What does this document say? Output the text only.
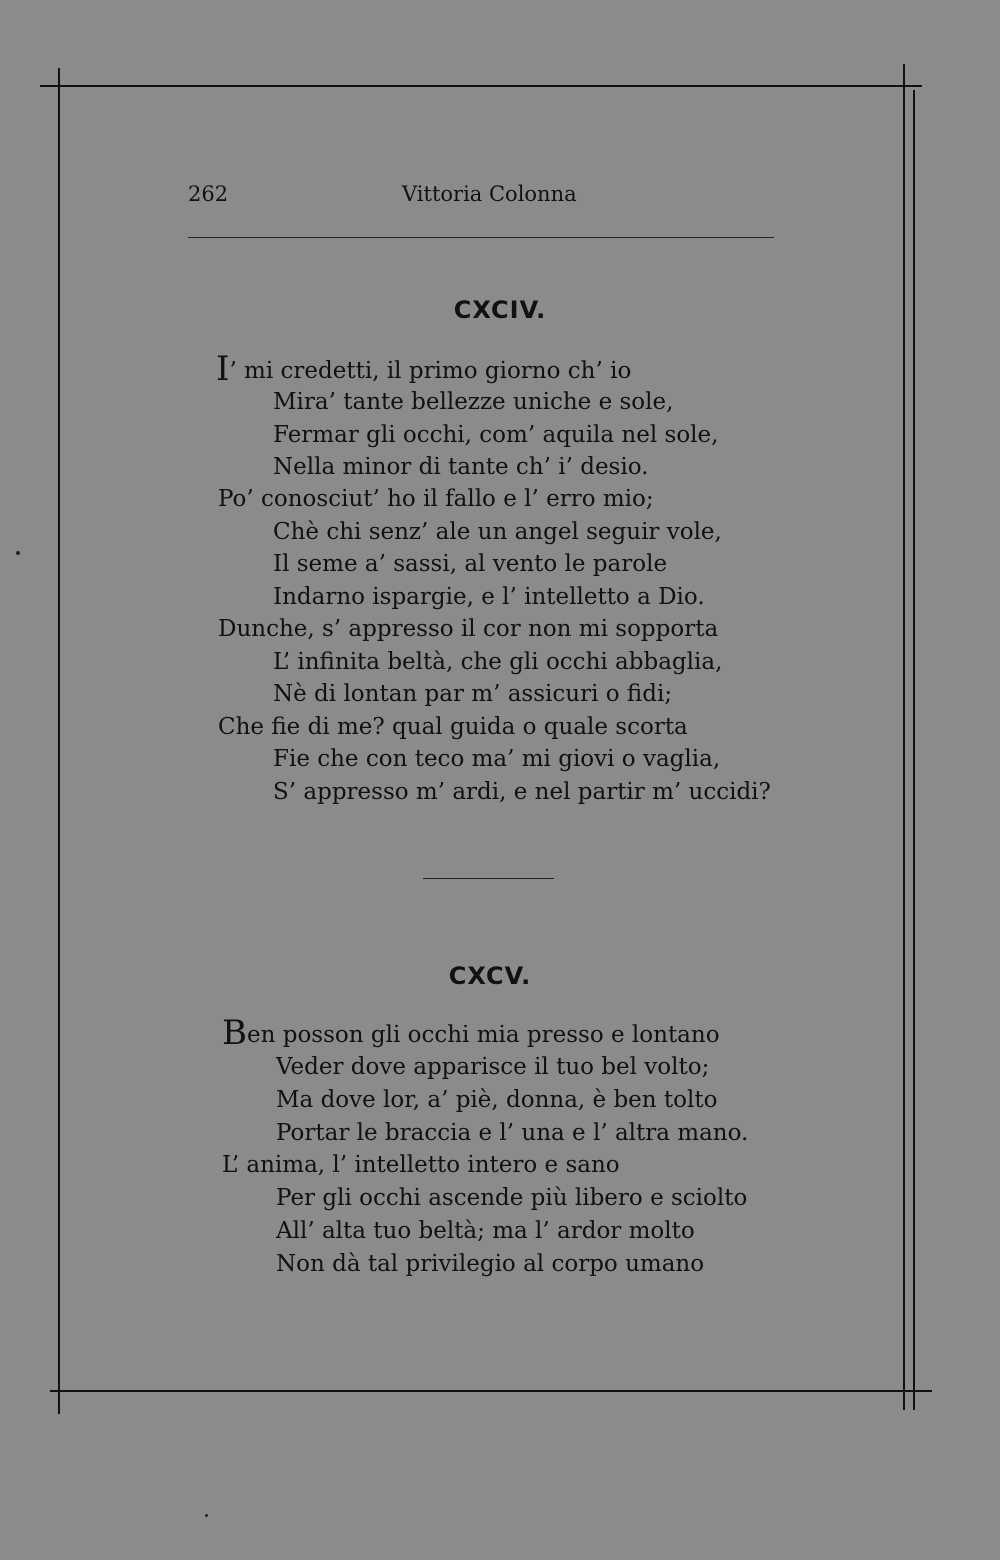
262	Vittoria Colonna
CXCIV.
I’ mi credetti, il primo giorno ch’ io
Mira’ tante bellezze uniche e sole,
Fermar gli occhi, com’ aquila nel sole,
Nella minor di tante ch’ i’ desio.
Po’ conosciut’ ho il fallo e l’ erro mio;
Chè chi senz’ ale un angel seguir vole,
Il seme a’ sassi, al vento le parole
Indarno ispargie, e l’ intelletto a Dio.
Dunche, s’ appresso il cor non mi sopporta
L’ infinita beltà, che gli occhi abbaglia,
Nè di lontan par m’ assicuri o fidi;
Che fie di me? qual guida o quale scorta
Fie che con teco ma’ mi giovi o vaglia,
S’ appresso m’ ardi, e nel partir m’ uccidi?
CXCV.
Ben posson gli occhi mia presso e lontano
Veder dove apparisce il tuo bel volto;
Ma dove lor, a’ piè, donna, è ben tolto
Portar le braccia e l’ una e l’ altra mano.
L’ anima, l’ intelletto intero e sano
Per gli occhi ascende più libero e sciolto
All’ alta tuo beltà; ma l’ ardor molto
Non dà tal privilegio al corpo umano
